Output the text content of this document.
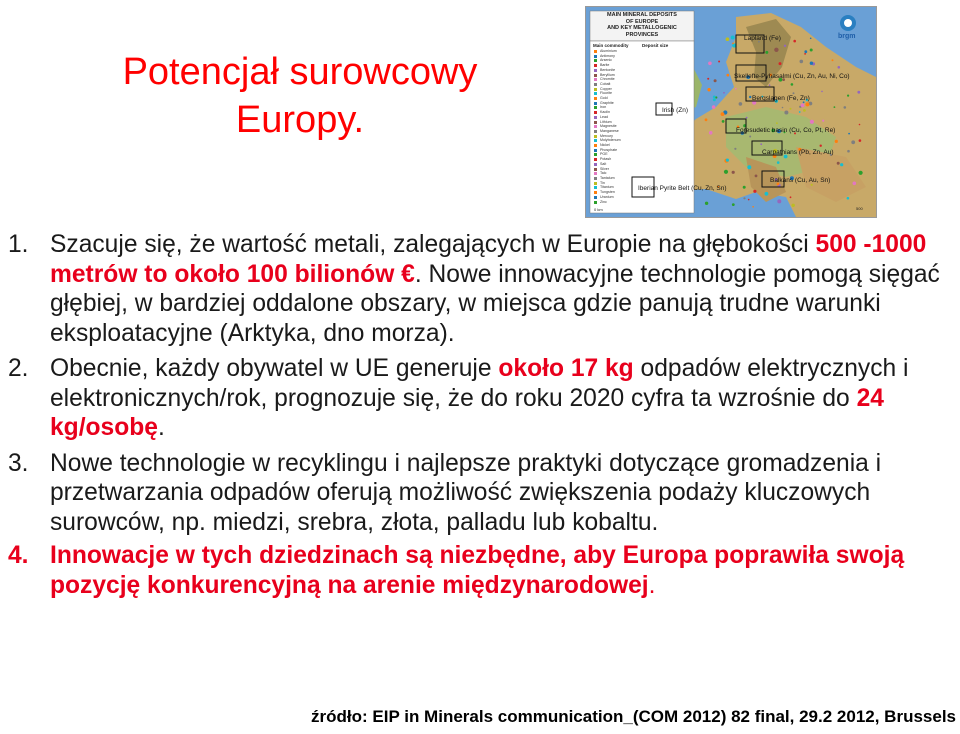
Potencjał surowcowy
Europy.
MAIN MINERAL DEPOSITS
OF EUROPE
AND KEY METALLOGENIC PROVINCES	brgm
Main commodity	Deposit size
Aluminium
Antimony
Arsenic
Barite
Bentonite
Beryllium
Chromite
Cobalt
Copper
Fluorite
Gold
Graphite
Iron
Kaolin
Lead
Lithium
Magnesite
Manganese
Mercury
Molybdenum
Nickel
Phosphate
PGE
Potash
Salt
Silver
Talc
Tantalum
Tin
Titanium
Tungsten
Uranium
Zinc
Lapland (Fe)
Skellefte-Pyhasalmi (Cu, Zn, Au, Ni, Co)
Bergslagen (Fe, Zn)
Irish (Zn)
Foresudetic basin (Cu, Co, Pt, Re)
Carpathians (Pb, Zn, Au)
Balkans (Cu, Au, Sn)
Iberian Pyrite Belt (Cu, Zn, Sn)
0 km	500
1. Szacuje się, że wartość metali, zalegających w Europie na głębokości 500 -1000 metrów to około 100 bilionów €. Nowe innowacyjne technologie pomogą sięgać głębiej, w bardziej oddalone obszary, w miejsca gdzie panują trudne warunki eksploatacyjne (Arktyka, dno morza).
2. Obecnie, każdy obywatel w UE generuje około 17 kg odpadów elektrycznych i elektronicznych/rok, prognozuje się, że do roku 2020 cyfra ta wzrośnie do 24 kg/osobę.
3. Nowe technologie w recyklingu i najlepsze praktyki dotyczące gromadzenia i przetwarzania odpadów oferują możliwość zwiększenia podaży kluczowych surowców, np. miedzi, srebra, złota, palladu lub kobaltu.
4. Innowacje w tych dziedzinach są niezbędne, aby Europa poprawiła swoją pozycję konkurencyjną na arenie międzynarodowej.
źródło: EIP in Minerals communication_(COM 2012) 82 final, 29.2 2012, Brussels
